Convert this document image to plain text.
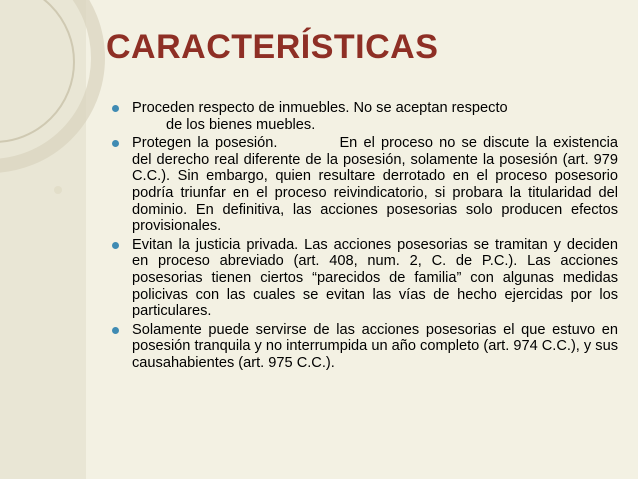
CARACTERÍSTICAS
Proceden respecto de inmuebles. No se aceptan respecto
de los bienes muebles.
Protegen la posesión.	En el proceso no se discute la existencia del derecho real diferente de la posesión, solamente la posesión (art. 979 C.C.). Sin embargo, quien resultare derrotado en el proceso posesorio podría triunfar en el proceso reivindicatorio, si probara la titularidad del dominio. En definitiva, las acciones posesorias solo producen efectos provisionales.
Evitan la justicia privada. Las acciones posesorias se tramitan y deciden en proceso abreviado (art. 408, num. 2, C. de P.C.). Las acciones posesorias tienen ciertos “parecidos de familia” con algunas medidas policivas con las cuales se evitan las vías de hecho ejercidas por los particulares.
Solamente puede servirse de las acciones posesorias el que estuvo en posesión tranquila y no interrumpida un año completo (art. 974 C.C.), y sus causahabientes (art. 975 C.C.).
